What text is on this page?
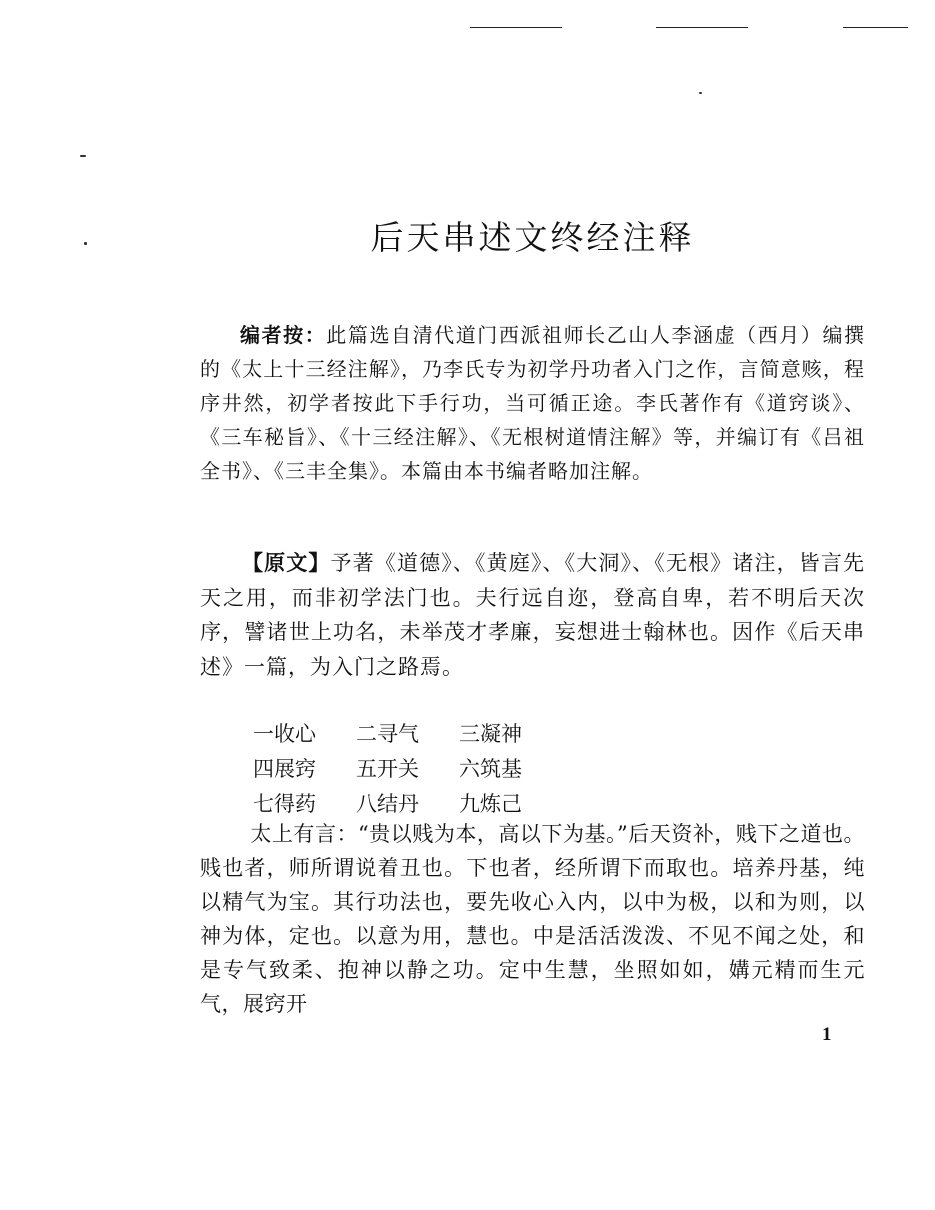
后天串述文终经注释

编者按：此篇选自清代道门西派祖师长乙山人李涵虚（西月）编撰的《太上十三经注解》，乃李氏专为初学丹功者入门之作，言简意赅，程序井然，初学者按此下手行功，当可循正途。李氏著作有《道窍谈》、《三车秘旨》、《十三经注解》、《无根树道情注解》等，并编订有《吕祖全书》、《三丰全集》。本篇由本书编者略加注解。

【原文】予著《道德》、《黄庭》、《大洞》、《无根》诸注，皆言先天之用，而非初学法门也。夫行远自迩，登高自卑，若不明后天次序，譬诸世上功名，未举茂才孝廉，妄想进士翰林也。因作《后天串述》一篇，为入门之路焉。

一收心	二寻气	三凝神
四展窍	五开关	六筑基
七得药	八结丹	九炼己

太上有言：“贵以贱为本，高以下为基。”后天资补，贱下之道也。贱也者，师所谓说着丑也。下也者，经所谓下而取也。培养丹基，纯以精气为宝。其行功法也，要先收心入内，以中为极，以和为则，以神为体，定也。以意为用，慧也。中是活活泼泼、不见不闻之处，和是专气致柔、抱神以静之功。定中生慧，坐照如如，媾元精而生元气，展窍开

1
